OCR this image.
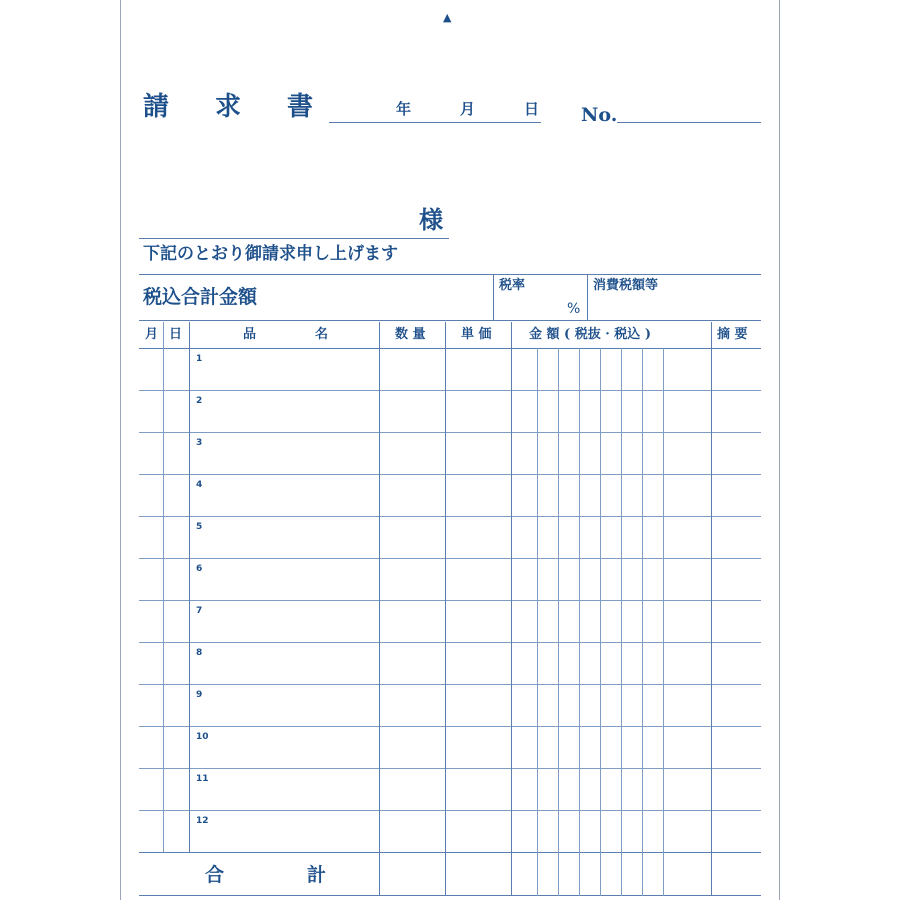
▲
請 求 書	年	月	日 No.
様
下記のとおり御請求申し上げます
税込合計金額
税率
%
消費税額等
月 日	品	名	数 量	単 価	金 額 ( 税抜 · 税込 )	摘 要
1
2
3
4
5
6
7
8
9
10
11
12
合	計
